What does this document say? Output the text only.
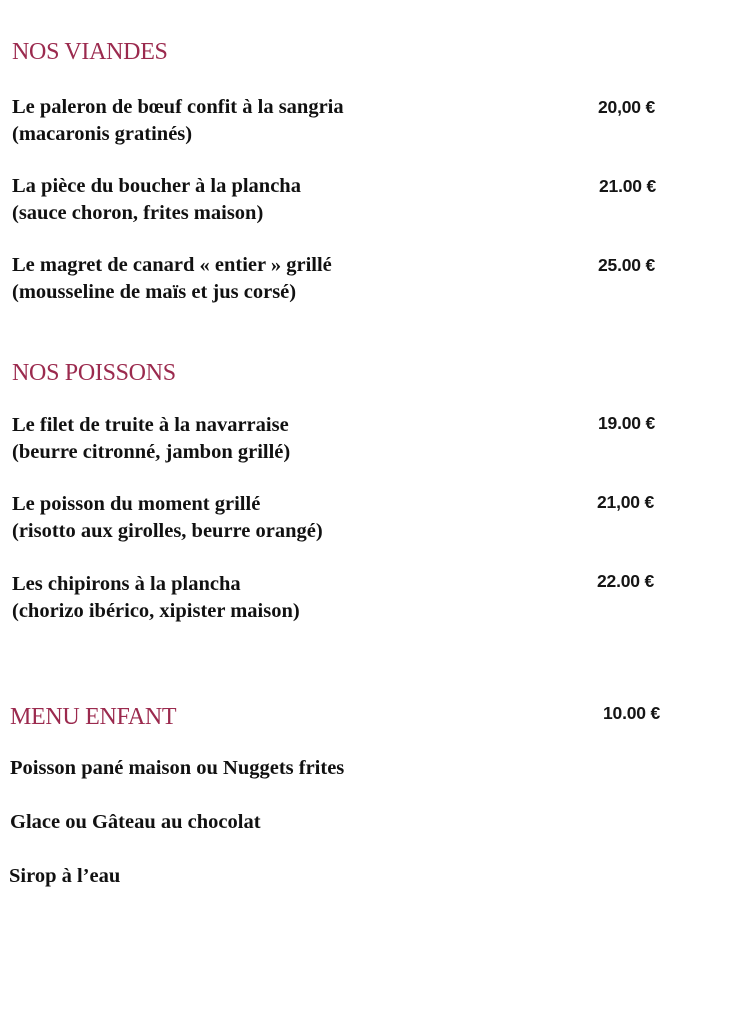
NOS VIANDES
Le paleron de bœuf confit à la sangria
(macaronis gratinés)
20,00 €
La pièce du boucher à la plancha
(sauce choron, frites maison)
21.00 €
Le magret de canard « entier » grillé
(mousseline de maïs et jus corsé)
25.00 €
NOS POISSONS
Le filet de truite à la navarraise
(beurre citronné, jambon grillé)
19.00 €
Le poisson du moment grillé
(risotto aux girolles, beurre orangé)
21,00 €
Les chipirons à la plancha
(chorizo ibérico, xipister maison)
22.00 €
MENU ENFANT	10.00 €
Poisson pané maison ou Nuggets frites
Glace ou Gâteau au chocolat
Sirop à l’eau
